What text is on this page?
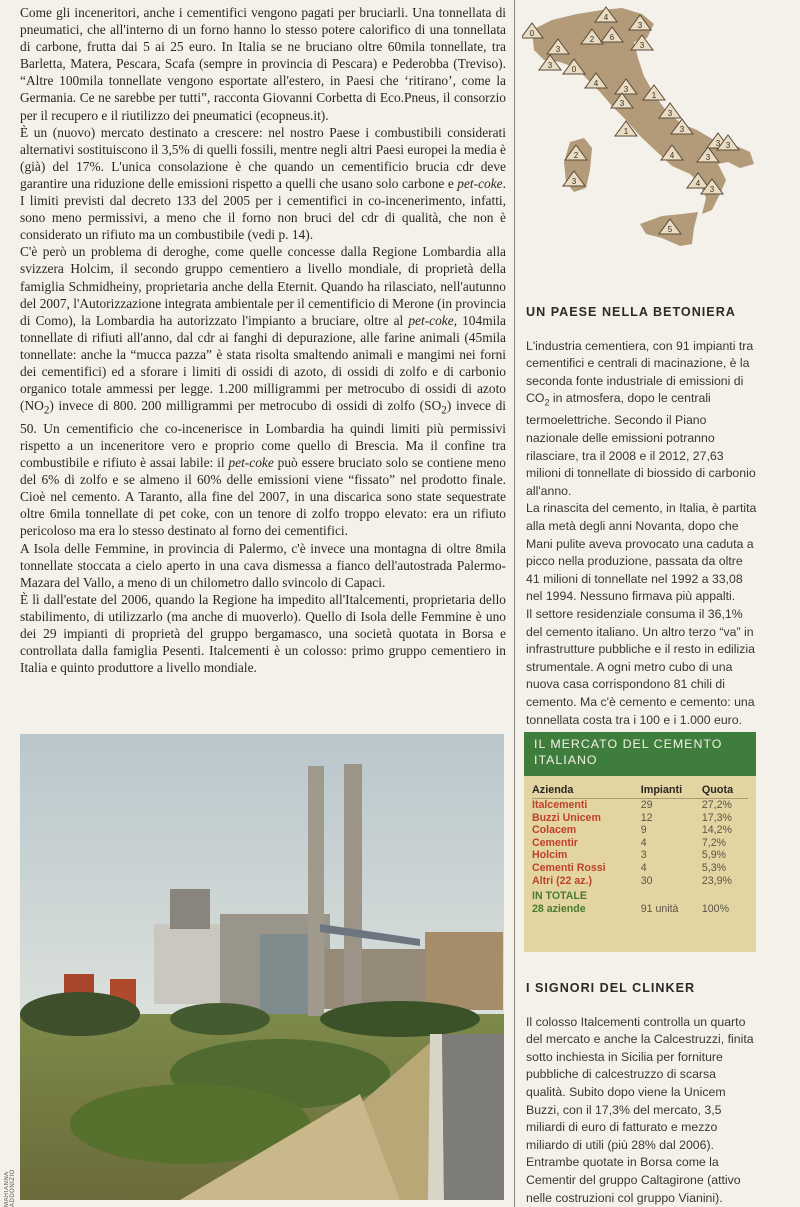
Come gli inceneritori, anche i cementifici vengono pagati per bruciarli. Una tonnellata di pneumatici, che all'interno di un forno hanno lo stesso potere calorifico di una tonnellata di carbone, frutta dai 5 ai 25 euro. In Italia se ne bruciano oltre 60mila tonnellate, tra Barletta, Matera, Pescara, Scafa (sempre in provincia di Pescara) e Pederobba (Treviso). “Altre 100mila tonnellate vengono esportate all'estero, in Paesi che ‘ritirano’, come la Germania. Ce ne sarebbe per tutti”, racconta Giovanni Corbetta di Eco.Pneus, il consorzio per il recupero e il riutilizzo dei pneumatici (ecopneus.it).

È un (nuovo) mercato destinato a crescere: nel nostro Paese i combustibili considerati alternativi sostituiscono il 3,5% di quelli fossili, mentre negli altri Paesi europei la media è (già) del 17%. L'unica consolazione è che quando un cementificio brucia cdr deve garantire una riduzione delle emissioni rispetto a quelli che usano solo carbone e pet-coke. I limiti previsti dal decreto 133 del 2005 per i cementifici in co-incenerimento, infatti, sono meno permissivi, a meno che il forno non bruci del cdr di qualità, che non è considerato un rifiuto ma un combustibile (vedi p. 14).

C'è però un problema di deroghe, come quelle concesse dalla Regione Lombardia alla svizzera Holcim, il secondo gruppo cementiero a livello mondiale, di proprietà della famiglia Schmidheiny, proprietaria anche della Eternit. Quando ha rilasciato, nell'autunno del 2007, l'Autorizzazione integrata ambientale per il cementificio di Merone (in provincia di Como), la Lombardia ha autorizzato l'impianto a bruciare, oltre al pet-coke, 104mila tonnellate di rifiuti all'anno, dal cdr ai fanghi di depurazione, alle farine animali (45mila tonnellate: anche la “mucca pazza” è stata risolta smaltendo animali e mangimi nei forni dei cementifici) ed a sforare i limiti di ossidi di azoto, di ossidi di zolfo e di carbonio organico totale ammessi per legge. 1.200 milligrammi per metrocubo di ossidi di azoto $(NO_2)$ invece di 800. 200 milligrammi per metrocubo di ossidi di zolfo $(SO_2)$ invece di 50. Un cementificio che co-incenerisce in Lombardia ha quindi limiti più permissivi rispetto a un inceneritore vero e proprio come quello di Brescia. Ma il confine tra combustibile e rifiuto è assai labile: il pet-coke può essere bruciato solo se contiene meno del 6% di zolfo e se almeno il 60% delle emissioni viene “fissato” nel prodotto finale. Cioè nel cemento. A Taranto, alla fine del 2007, in una discarica sono state sequestrate oltre 6mila tonnellate di pet coke, con un tenore di zolfo troppo elevato: era un rifiuto pericoloso ma era lo stesso destinato al forno dei cementifici.

A Isola delle Femmine, in provincia di Palermo, c'è invece una montagna di oltre 8mila tonnellate stoccata a cielo aperto in una cava dismessa a fianco dell'autostrada Palermo-Mazara del Vallo, a meno di un chilometro dallo svincolo di Capaci.

È lì dall'estate del 2006, quando la Regione ha impedito all'Italcementi, proprietaria dello stabilimento, di utilizzarlo (ma anche di muoverlo). Quello di Isola delle Femmine è uno dei 29 impianti di proprietà del gruppo bergamasco, una società quotata in Borsa e controllata dalla famiglia Pesenti. Italcementi è un colosso: primo gruppo cementiero in Italia e quinto produttore a livello mondiale.

4
0
3
2
3
6
3
3 0
4
3
1
3
3
3
1
4	3
4
3 3
2
3
3
5
UN PAESE NELLA BETONIERA

L'industria cementiera, con 91 impianti tra cementifici e centrali di macinazione, è la seconda fonte industriale di emissioni di $CO_2$ in atmosfera, dopo le centrali termoelettriche. Secondo il Piano nazionale delle emissioni potranno rilasciare, tra il 2008 e il 2012, 27,63 milioni di tonnellate di biossido di carbonio all'anno.

La rinascita del cemento, in Italia, è partita alla metà degli anni Novanta, dopo che Mani pulite aveva provocato una caduta a picco nella produzione, passata da oltre 41 milioni di tonnellate nel 1992 a 33,08 nel 1994. Nessuno firmava più appalti.

Il settore residenziale consuma il 36,1% del cemento italiano. Un altro terzo “va” in infrastrutture pubbliche e il resto in edilizia strumentale. A ogni metro cubo di una nuova casa corrispondono 81 chili di cemento. Ma c'è cemento e cemento: una tonnellata costa tra i 100 e i 1.000 euro.

IL MERCATO DEL CEMENTO ITALIANO
Azienda	Impianti	Quota
Italcementi	29	27,2%
Buzzi Unicem	12	17,3%
Colacem	9	14,2%
Cementir	4	7,2%
Holcim	3	5,9%
Cementi Rossi	4	5,3%
Altri (22 az.)	30	23,9%
IN TOTALE
28 aziende	91 unità	100%
I SIGNORI DEL CLINKER

Il colosso Italcementi controlla un quarto del mercato e anche la Calcestruzzi, finita sotto inchiesta in Sicilia per forniture pubbliche di calcestruzzo di scarsa qualità. Subito dopo viene la Unicem Buzzi, con il 17,3% del mercato, 3,5 miliardi di euro di fatturato e mezzo miliardo di utili (più 28% dal 2006). Entrambe quotate in Borsa come la Cementir del gruppo Caltagirone (attivo nelle costruzioni col gruppo Vianini).

MARIANNA ADDONIZIO
